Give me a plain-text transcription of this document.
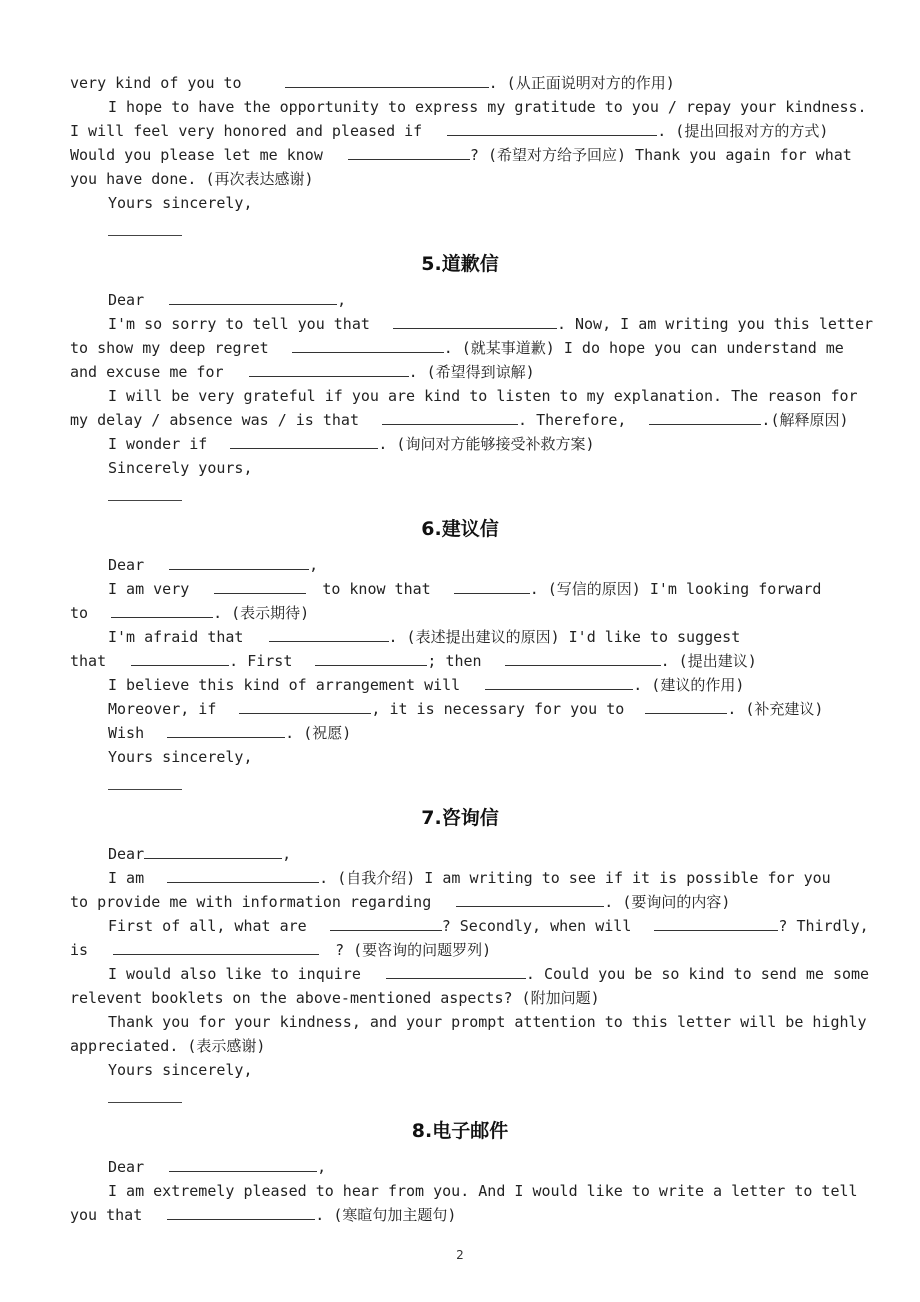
very kind of you to	. (从正面说明对方的作用)
I hope to have the opportunity to express my gratitude to you / repay your kindness.
I will feel very honored and pleased if	. (提出回报对方的方式)
Would you please let me know	? (希望对方给予回应) Thank you again for what
you have done. (再次表达感谢)
Yours sincerely,
5.道歉信
Dear	,
I'm so sorry to tell you that	. Now, I am writing you this letter
to show my deep regret	. (就某事道歉) I do hope you can understand me
and excuse me for	. (希望得到谅解)
I will be very grateful if you are kind to listen to my explanation. The reason for
my delay / absence was / is that	. Therefore,	.(解释原因)
I wonder if	. (询问对方能够接受补救方案)
Sincerely yours,
6.建议信
Dear	,
I am very	to know that	. (写信的原因) I'm looking forward
to	. (表示期待)
I'm afraid that	. (表述提出建议的原因) I'd like to suggest
that	. First	; then	. (提出建议)
I believe this kind of arrangement will	. (建议的作用)
Moreover, if	, it is necessary for you to	. (补充建议)
Wish	. (祝愿)
Yours sincerely,
7.咨询信
Dear	,
I am	. (自我介绍) I am writing to see if it is possible for you
to provide me with information regarding	. (要询问的内容)
First of all, what are	? Secondly, when will	? Thirdly,
is	? (要咨询的问题罗列)
I would also like to inquire	. Could you be so kind to send me some
relevent booklets on the above-mentioned aspects? (附加问题)
Thank you for your kindness, and your prompt attention to this letter will be highly
appreciated. (表示感谢)
Yours sincerely,
8.电子邮件
Dear	,
I am extremely pleased to hear from you. And I would like to write a letter to tell
you that	. (寒暄句加主题句)
2
